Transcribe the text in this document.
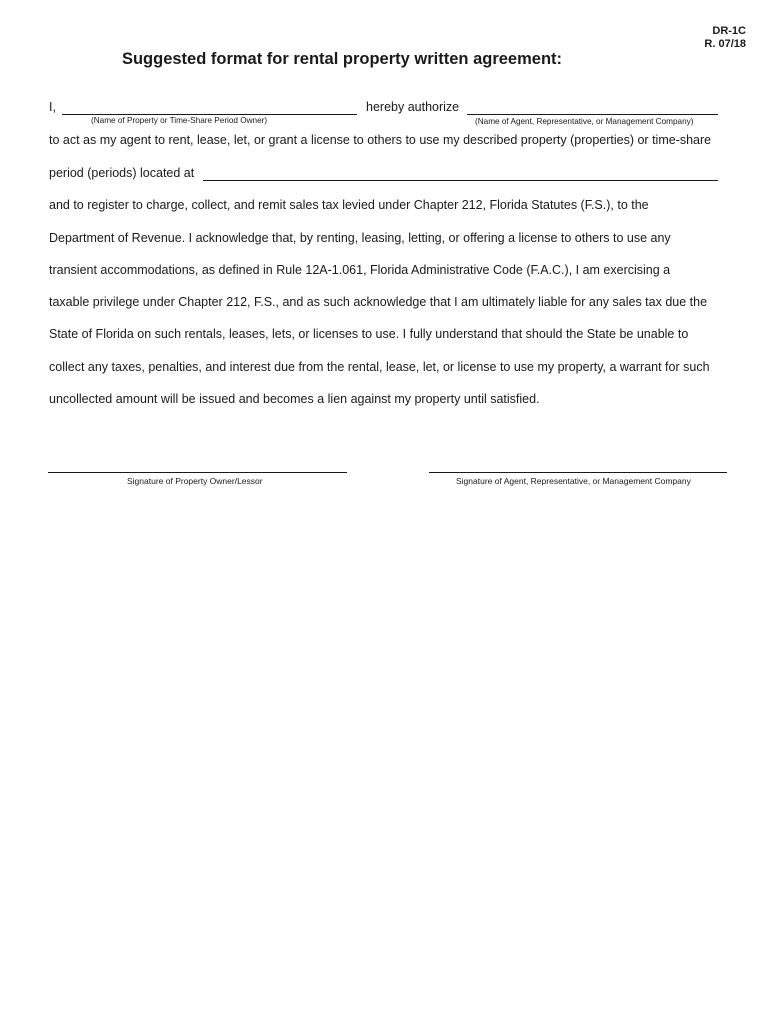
DR-1C
R. 07/18
Suggested format for rental property written agreement:
I,	hereby authorize
(Name of Property or Time-Share Period Owner)	(Name of Agent, Representative, or Management Company)
to act as my agent to rent, lease, let, or grant a license to others to use my described property (properties) or time-share
period (periods) located at
and to register to charge, collect, and remit sales tax levied under Chapter 212, Florida Statutes (F.S.), to the
Department of Revenue. I acknowledge that, by renting, leasing, letting, or offering a license to others to use any
transient accommodations, as defined in Rule 12A-1.061, Florida Administrative Code (F.A.C.), I am exercising a
taxable privilege under Chapter 212, F.S., and as such acknowledge that I am ultimately liable for any sales tax due the
State of Florida on such rentals, leases, lets, or licenses to use. I fully understand that should the State be unable to
collect any taxes, penalties, and interest due from the rental, lease, let, or license to use my property, a warrant for such
uncollected amount will be issued and becomes a lien against my property until satisfied.
Signature of Property Owner/Lessor	Signature of Agent, Representative, or Management Company
